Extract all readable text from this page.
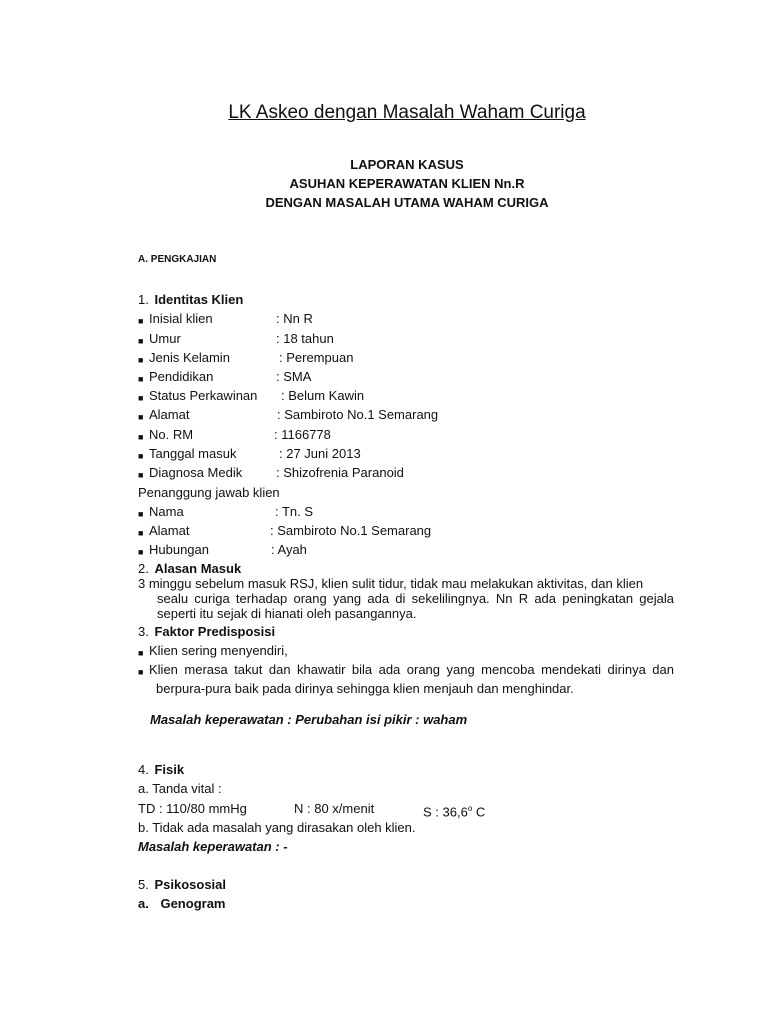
LK Askeo dengan Masalah Waham Curiga
LAPORAN KASUS
ASUHAN KEPERAWATAN KLIEN Nn.R
DENGAN MASALAH UTAMA WAHAM CURIGA
A. PENGKAJIAN
1. Identitas Klien
■ Inisial klien	: Nn R
■ Umur	: 18 tahun
■ Jenis Kelamin	: Perempuan
■ Pendidikan	: SMA
■ Status Perkawinan : Belum Kawin
■ Alamat	: Sambiroto No.1 Semarang
■ No. RM	: 1166778
■ Tanggal masuk	: 27 Juni 2013
■ Diagnosa Medik	: Shizofrenia Paranoid
Penanggung jawab klien
■ Nama	: Tn. S
■ Alamat	: Sambiroto No.1 Semarang
■ Hubungan	: Ayah
2. Alasan Masuk
3 minggu sebelum masuk RSJ, klien sulit tidur, tidak mau melakukan aktivitas, dan klien
sealu curiga terhadap orang yang ada di sekelilingnya. Nn R ada peningkatan gejala seperti itu sejak di hianati oleh pasangannya.
3. Faktor Predisposisi
■ Klien sering menyendiri,
■ Klien merasa takut dan khawatir bila ada orang yang mencoba mendekati dirinya dan
berpura-pura baik pada dirinya sehingga klien menjauh dan menghindar.
Masalah keperawatan : Perubahan isi pikir : waham
4. Fisik
a. Tanda vital :
TD : 110/80 mmHg	N : 80 x/menit	S : 36,6$^o$ C
b. Tidak ada masalah yang dirasakan oleh klien.
Masalah keperawatan : -
5. Psikososial
a. Genogram
